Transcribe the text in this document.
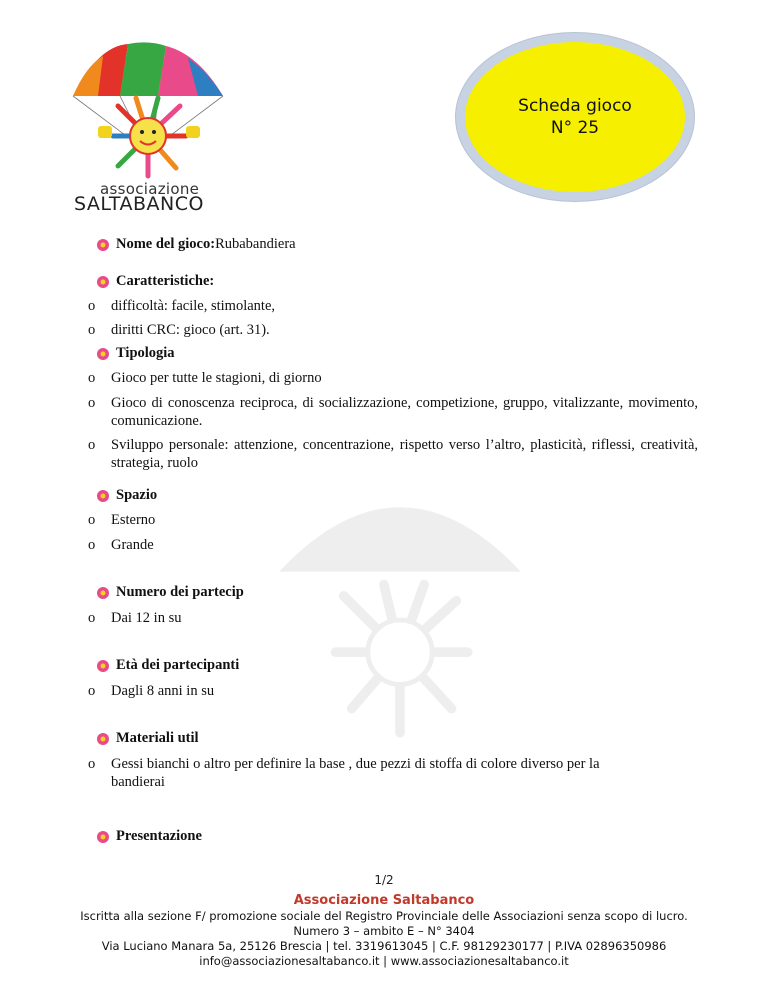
associazione
SALTABANCO
Scheda gioco
N° 25
Nome del gioco: Rubabandiera
Caratteristiche:
o	difficoltà: facile, stimolante,
o	diritti CRC: gioco (art. 31).
Tipologia
o	Gioco per tutte le stagioni, di giorno
o	Gioco di conoscenza reciproca, di socializzazione, competizione, gruppo, vitalizzante, movimento, comunicazione.
o	Sviluppo personale: attenzione, concentrazione, rispetto verso l’altro, plasticità, riflessi, creatività, strategia, ruolo
Spazio
o	Esterno
o	Grande
Numero dei partecip
o	Dai 12 in su
Età dei partecipanti
o	Dagli 8 anni in su
Materiali util
o	Gessi bianchi o altro per definire la base , due pezzi di stoffa di colore diverso per la bandierai
Presentazione
1/2
Associazione Saltabanco
Iscritta alla sezione F/ promozione sociale del Registro Provinciale delle Associazioni senza scopo di lucro.
Numero 3 – ambito E – N° 3404
Via Luciano Manara 5a, 25126 Brescia | tel. 3319613045 | C.F. 98129230177 | P.IVA 02896350986
info@associazionesaltabanco.it | www.associazionesaltabanco.it
